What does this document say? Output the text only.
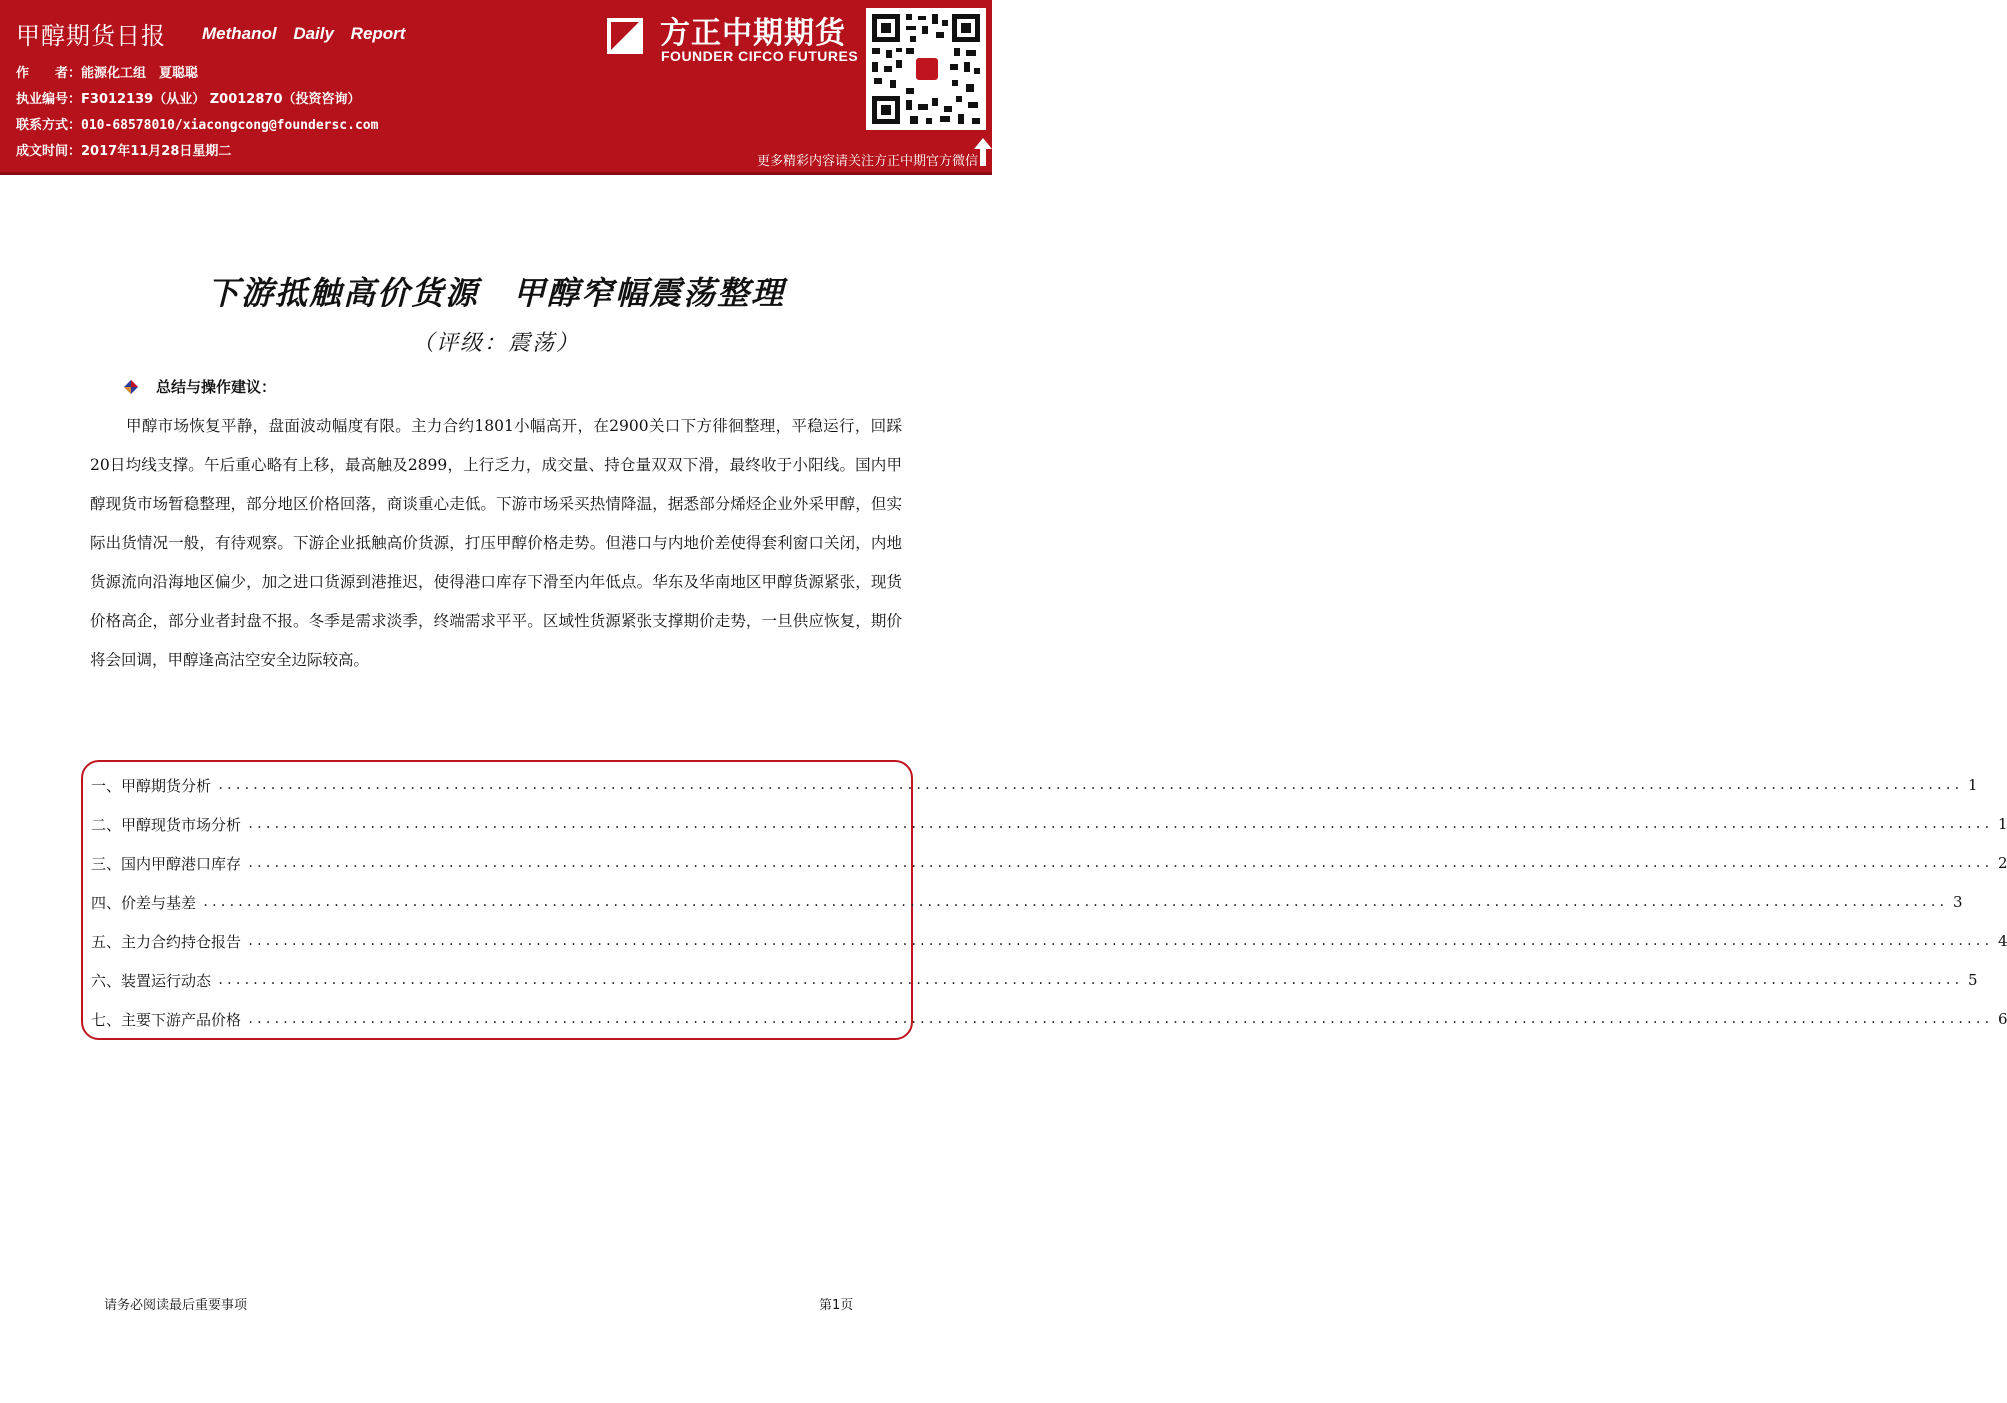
甲醇期货日报 Methanol Daily Report
作　　者：能源化工组　夏聪聪
执业编号：F3012139（从业） Z0012870（投资咨询）
联系方式：010-68578010/xiacongcong@foundersc.com
成文时间：2017年11月28日星期二
方正中期期货
FOUNDER CIFCO FUTURES
更多精彩内容请关注方正中期官方微信
下游抵触高价货源　甲醇窄幅震荡整理
（评级：震荡）
总结与操作建议：
甲醇市场恢复平静，盘面波动幅度有限。主力合约1801小幅高开，在2900关口下方徘徊整理，平稳运行，回踩20日均线支撑。午后重心略有上移，最高触及2899，上行乏力，成交量、持仓量双双下滑，最终收于小阳线。国内甲醇现货市场暂稳整理，部分地区价格回落，商谈重心走低。下游市场采买热情降温，据悉部分烯烃企业外采甲醇，但实际出货情况一般，有待观察。下游企业抵触高价货源，打压甲醇价格走势。但港口与内地价差使得套利窗口关闭，内地货源流向沿海地区偏少，加之进口货源到港推迟，使得港口库存下滑至内年低点。华东及华南地区甲醇货源紧张，现货价格高企，部分业者封盘不报。冬季是需求淡季，终端需求平平。区域性货源紧张支撑期价走势，一旦供应恢复，期价将会回调，甲醇逢高沽空安全边际较高。
一、甲醇期货分析 ........................................................................................................................................................................................................ 1
二、甲醇现货市场分析 ........................................................................................................................................................................................................ 1
三、国内甲醇港口库存 ........................................................................................................................................................................................................ 2
四、价差与基差 ........................................................................................................................................................................................................ 3
五、主力合约持仓报告 ........................................................................................................................................................................................................ 4
六、装置运行动态 ........................................................................................................................................................................................................ 5
七、主要下游产品价格 ........................................................................................................................................................................................................ 6
请务必阅读最后重要事项	第1页
